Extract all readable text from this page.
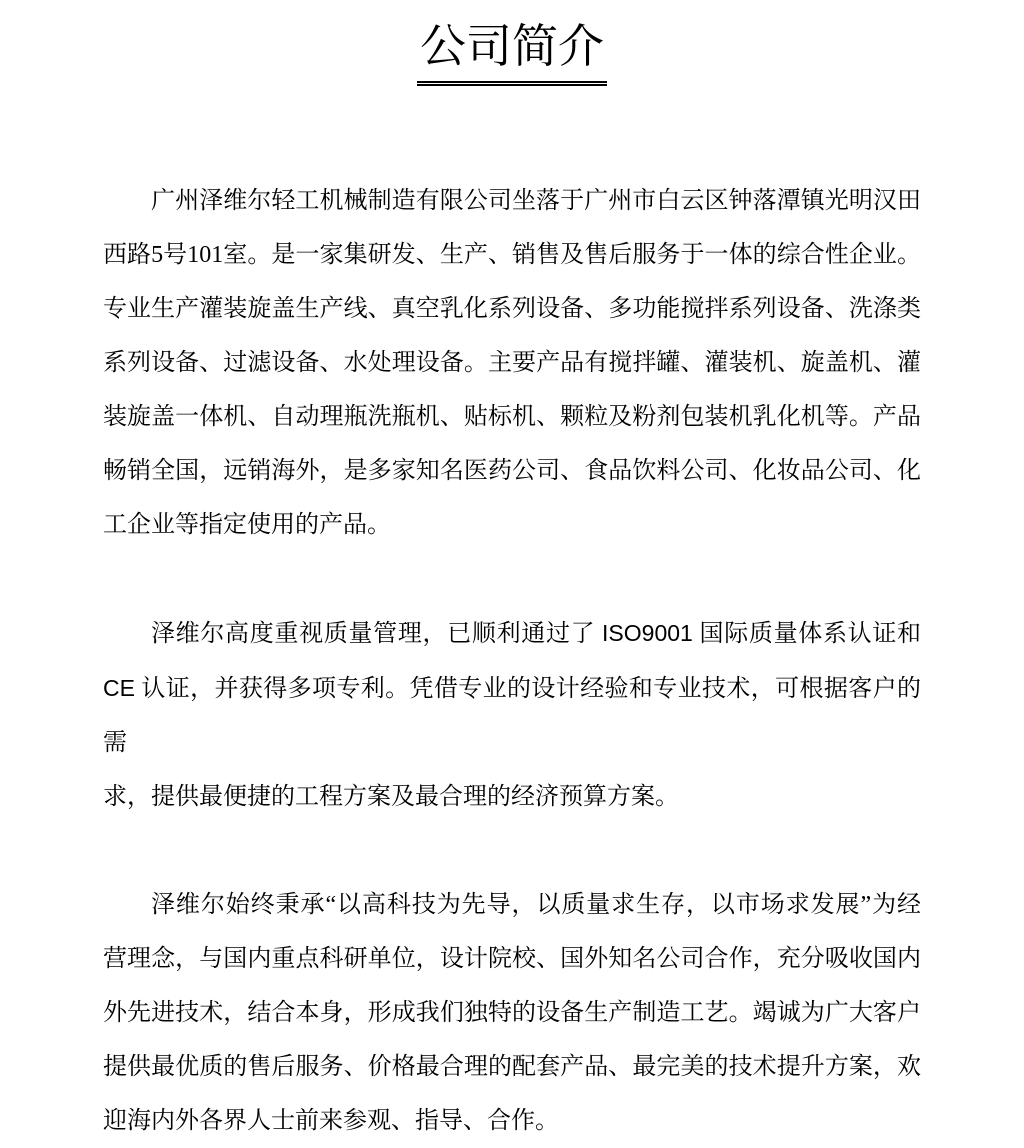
公司简介
广州泽维尔轻工机械制造有限公司坐落于广州市白云区钟落潭镇光明汉田
西路5号101室。是一家集研发、生产、销售及售后服务于一体的综合性企业。
专业生产灌装旋盖生产线、真空乳化系列设备、多功能搅拌系列设备、洗涤类
系列设备、过滤设备、水处理设备。主要产品有搅拌罐、灌装机、旋盖机、灌
装旋盖一体机、自动理瓶洗瓶机、贴标机、颗粒及粉剂包装机乳化机等。产品
畅销全国，远销海外，是多家知名医药公司、食品饮料公司、化妆品公司、化
工企业等指定使用的产品。
泽维尔高度重视质量管理，已顺利通过了 ISO9001 国际质量体系认证和
CE 认证，并获得多项专利。凭借专业的设计经验和专业技术，可根据客户的需
求，提供最便捷的工程方案及最合理的经济预算方案。
泽维尔始终秉承“以高科技为先导，以质量求生存，以市场求发展”为经
营理念，与国内重点科研单位，设计院校、国外知名公司合作，充分吸收国内
外先进技术，结合本身，形成我们独特的设备生产制造工艺。竭诚为广大客户
提供最优质的售后服务、价格最合理的配套产品、最完美的技术提升方案，欢
迎海内外各界人士前来参观、指导、合作。
